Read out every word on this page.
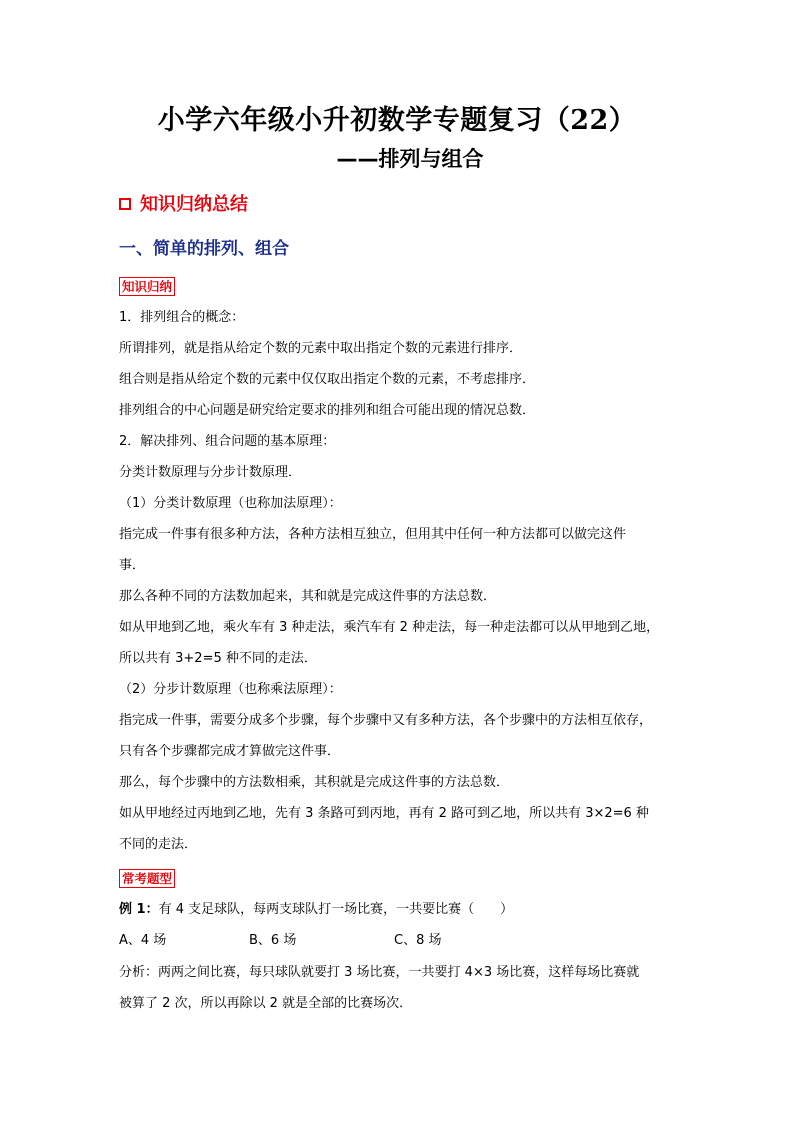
小学六年级小升初数学专题复习（22）
——排列与组合
知识归纳总结
一、简单的排列、组合
知识归纳
1．排列组合的概念：
所谓排列，就是指从给定个数的元素中取出指定个数的元素进行排序．
组合则是指从给定个数的元素中仅仅取出指定个数的元素，不考虑排序．
排列组合的中心问题是研究给定要求的排列和组合可能出现的情况总数．
2．解决排列、组合问题的基本原理：
分类计数原理与分步计数原理．
（1）分类计数原理（也称加法原理）：
指完成一件事有很多种方法，各种方法相互独立，但用其中任何一种方法都可以做完这件
事．
那么各种不同的方法数加起来，其和就是完成这件事的方法总数．
如从甲地到乙地，乘火车有 3 种走法，乘汽车有 2 种走法，每一种走法都可以从甲地到乙地，
所以共有 3+2=5 种不同的走法．
（2）分步计数原理（也称乘法原理）：
指完成一件事，需要分成多个步骤，每个步骤中又有多种方法，各个步骤中的方法相互依存，
只有各个步骤都完成才算做完这件事．
那么，每个步骤中的方法数相乘，其积就是完成这件事的方法总数．
如从甲地经过丙地到乙地，先有 3 条路可到丙地，再有 2 路可到乙地，所以共有 3×2=6 种
不同的走法．
常考题型
例 1：有 4 支足球队，每两支球队打一场比赛，一共要比赛（　　）
A、4 场	B、6 场	C、8 场
分析：两两之间比赛，每只球队就要打 3 场比赛，一共要打 4×3 场比赛，这样每场比赛就
被算了 2 次，所以再除以 2 就是全部的比赛场次．
